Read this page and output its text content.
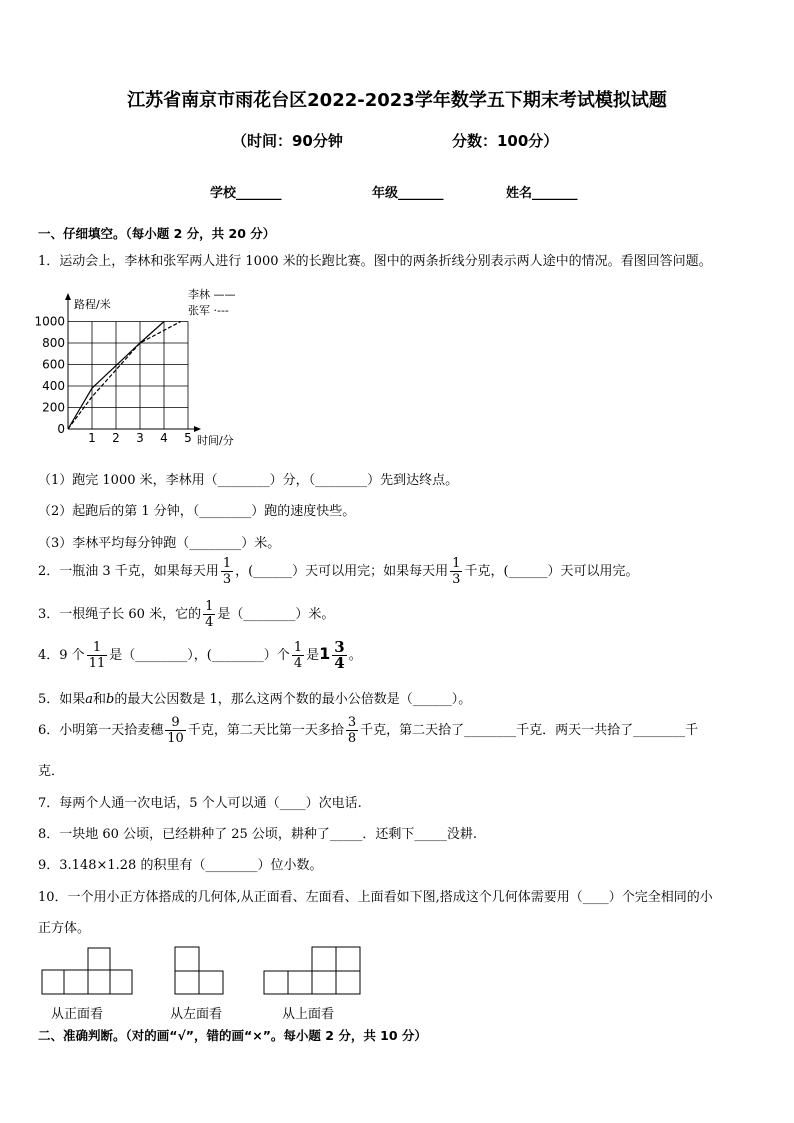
江苏省南京市雨花台区2022-2023学年数学五下期末考试模拟试题
（时间：90分钟	分数：100分）
学校_______	年级_______	姓名_______
一、仔细填空。（每小题 2 分，共 20 分）
1．运动会上，李林和张军两人进行 1000 米的长跑比赛。图中的两条折线分别表示两人途中的情况。看图回答问题。
路程/米
1000
800
600
400
200
0
1 2 3 4 5 时间/分
李林 ——
张军 ·---
（1）跑完 1000 米，李林用（________）分，（________）先到达终点。
（2）起跑后的第 1 分钟，（________）跑的速度快些。
（3）李林平均每分钟跑（________）米。
2．一瓶油 3 千克，如果每天用 $\frac{1}{3}$ ，(______）天可以用完；如果每天用 $\frac{1}{3}$ 千克，(______）天可以用完。
3．一根绳子长 60 米，它的 $\frac{1}{4}$ 是（________）米。
4．9 个 $\frac{1}{11}$ 是（________），(________）个 $\frac{1}{4}$ 是$1 \frac{3}{4}$ 。
5．如果𝑎和𝑏的最大公因数是 1，那么这两个数的最小公倍数是（______）。
6．小明第一天拾麦穗 $\frac{9}{10}$ 千克，第二天比第一天多拾 $\frac{3}{8}$ 千克，第二天拾了________千克．两天一共拾了________千
克．
7．每两个人通一次电话，5 个人可以通（____）次电话.
8．一块地 60 公顷，已经耕种了 25 公顷，耕种了_____．还剩下_____没耕.
9．3.148×1.28 的积里有（________）位小数。
10．一个用小正方体搭成的几何体,从正面看、左面看、上面看如下图,搭成这个几何体需要用（____）个完全相同的小
正方体。
从正面看	从左面看	从上面看
二、准确判断。（对的画“√”，错的画“×”。每小题 2 分，共 10 分）
